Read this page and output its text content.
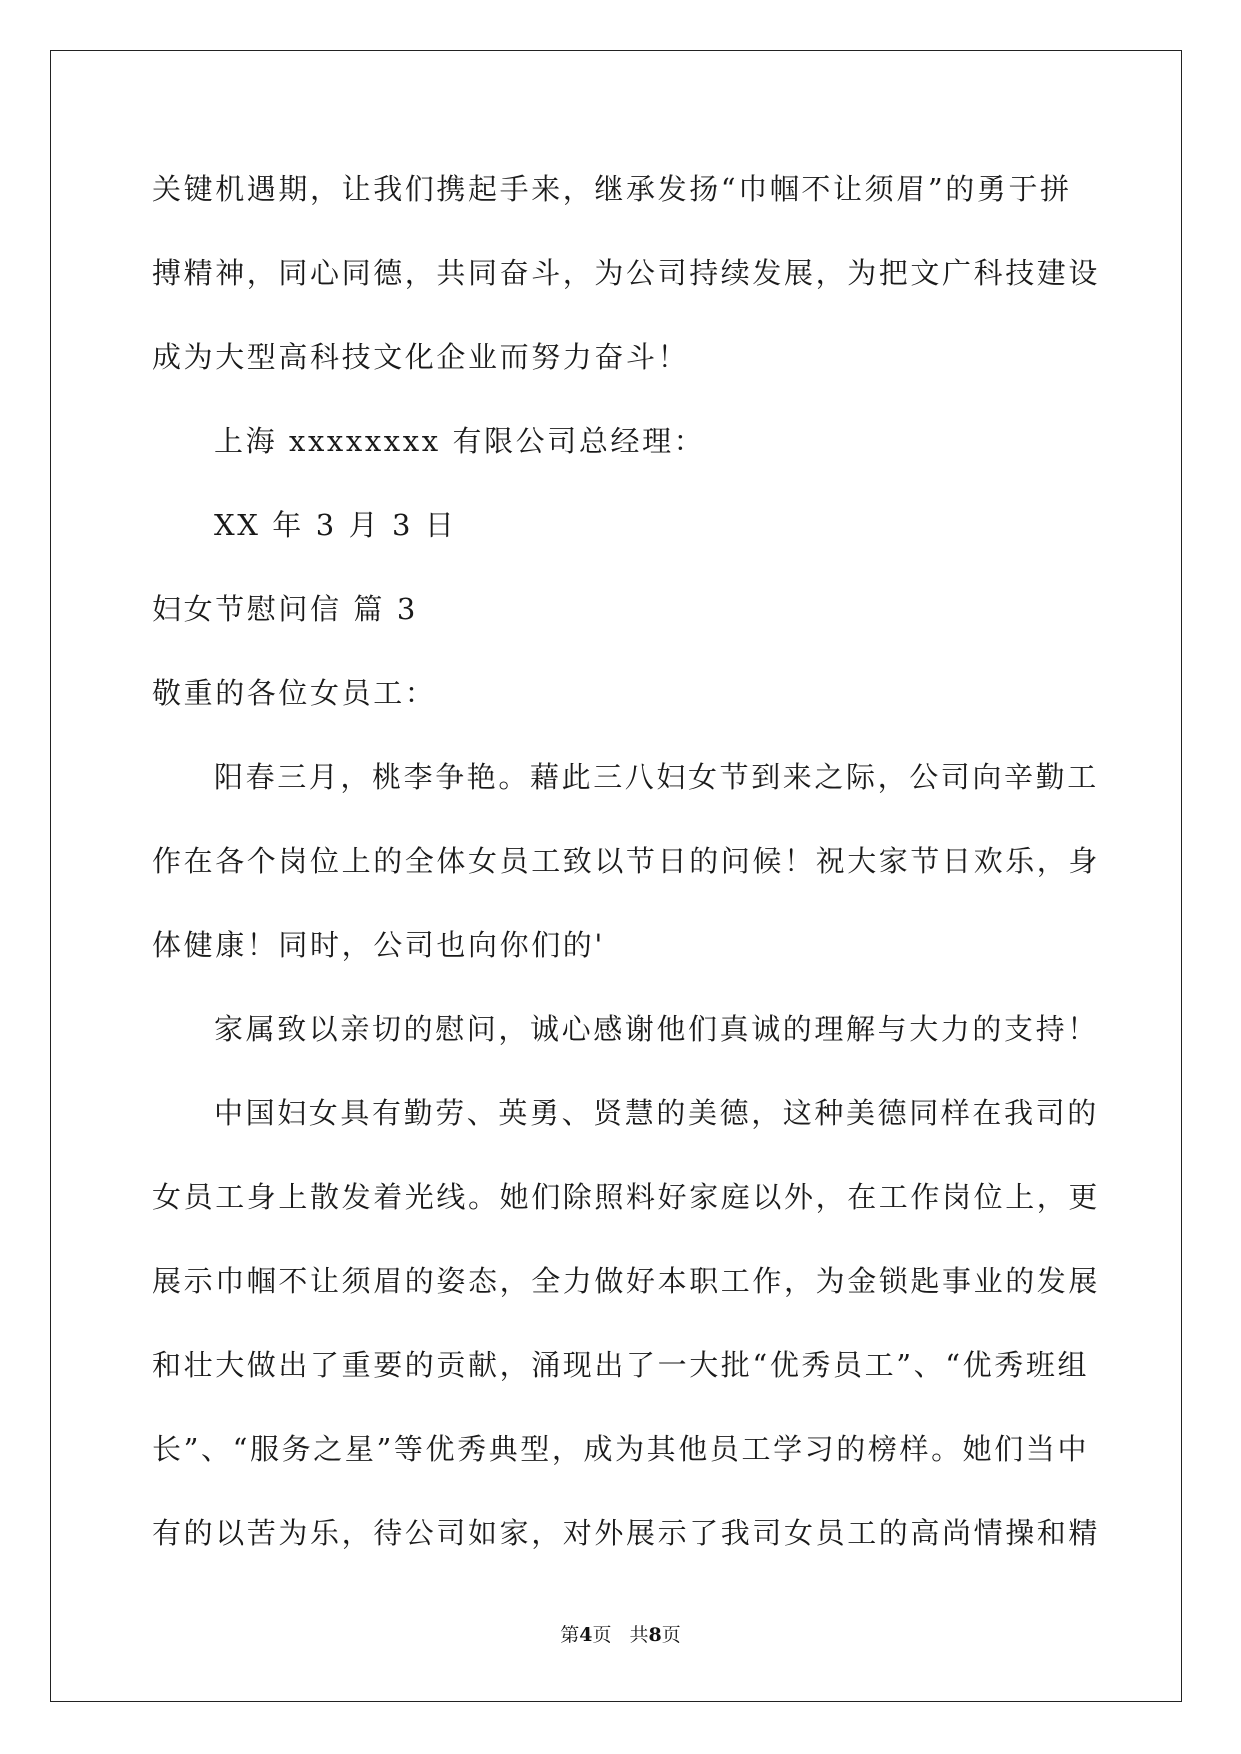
关键机遇期，让我们携起手来，继承发扬“巾帼不让须眉”的勇于拼
搏精神，同心同德，共同奋斗，为公司持续发展，为把文广科技建设
成为大型高科技文化企业而努力奋斗！
上海 xxxxxxxx 有限公司总经理：
XX 年 3 月 3 日
妇女节慰问信 篇 3
敬重的各位女员工：
阳春三月，桃李争艳。藉此三八妇女节到来之际，公司向辛勤工
作在各个岗位上的全体女员工致以节日的问候！祝大家节日欢乐，身
体健康！同时，公司也向你们的'
家属致以亲切的慰问，诚心感谢他们真诚的理解与大力的支持！
中国妇女具有勤劳、英勇、贤慧的美德，这种美德同样在我司的
女员工身上散发着光线。她们除照料好家庭以外，在工作岗位上，更
展示巾帼不让须眉的姿态，全力做好本职工作，为金锁匙事业的发展
和壮大做出了重要的贡献，涌现出了一大批“优秀员工”、“优秀班组
长”、“服务之星”等优秀典型，成为其他员工学习的榜样。她们当中
有的以苦为乐，待公司如家，对外展示了我司女员工的高尚情操和精
第4页 共8页
